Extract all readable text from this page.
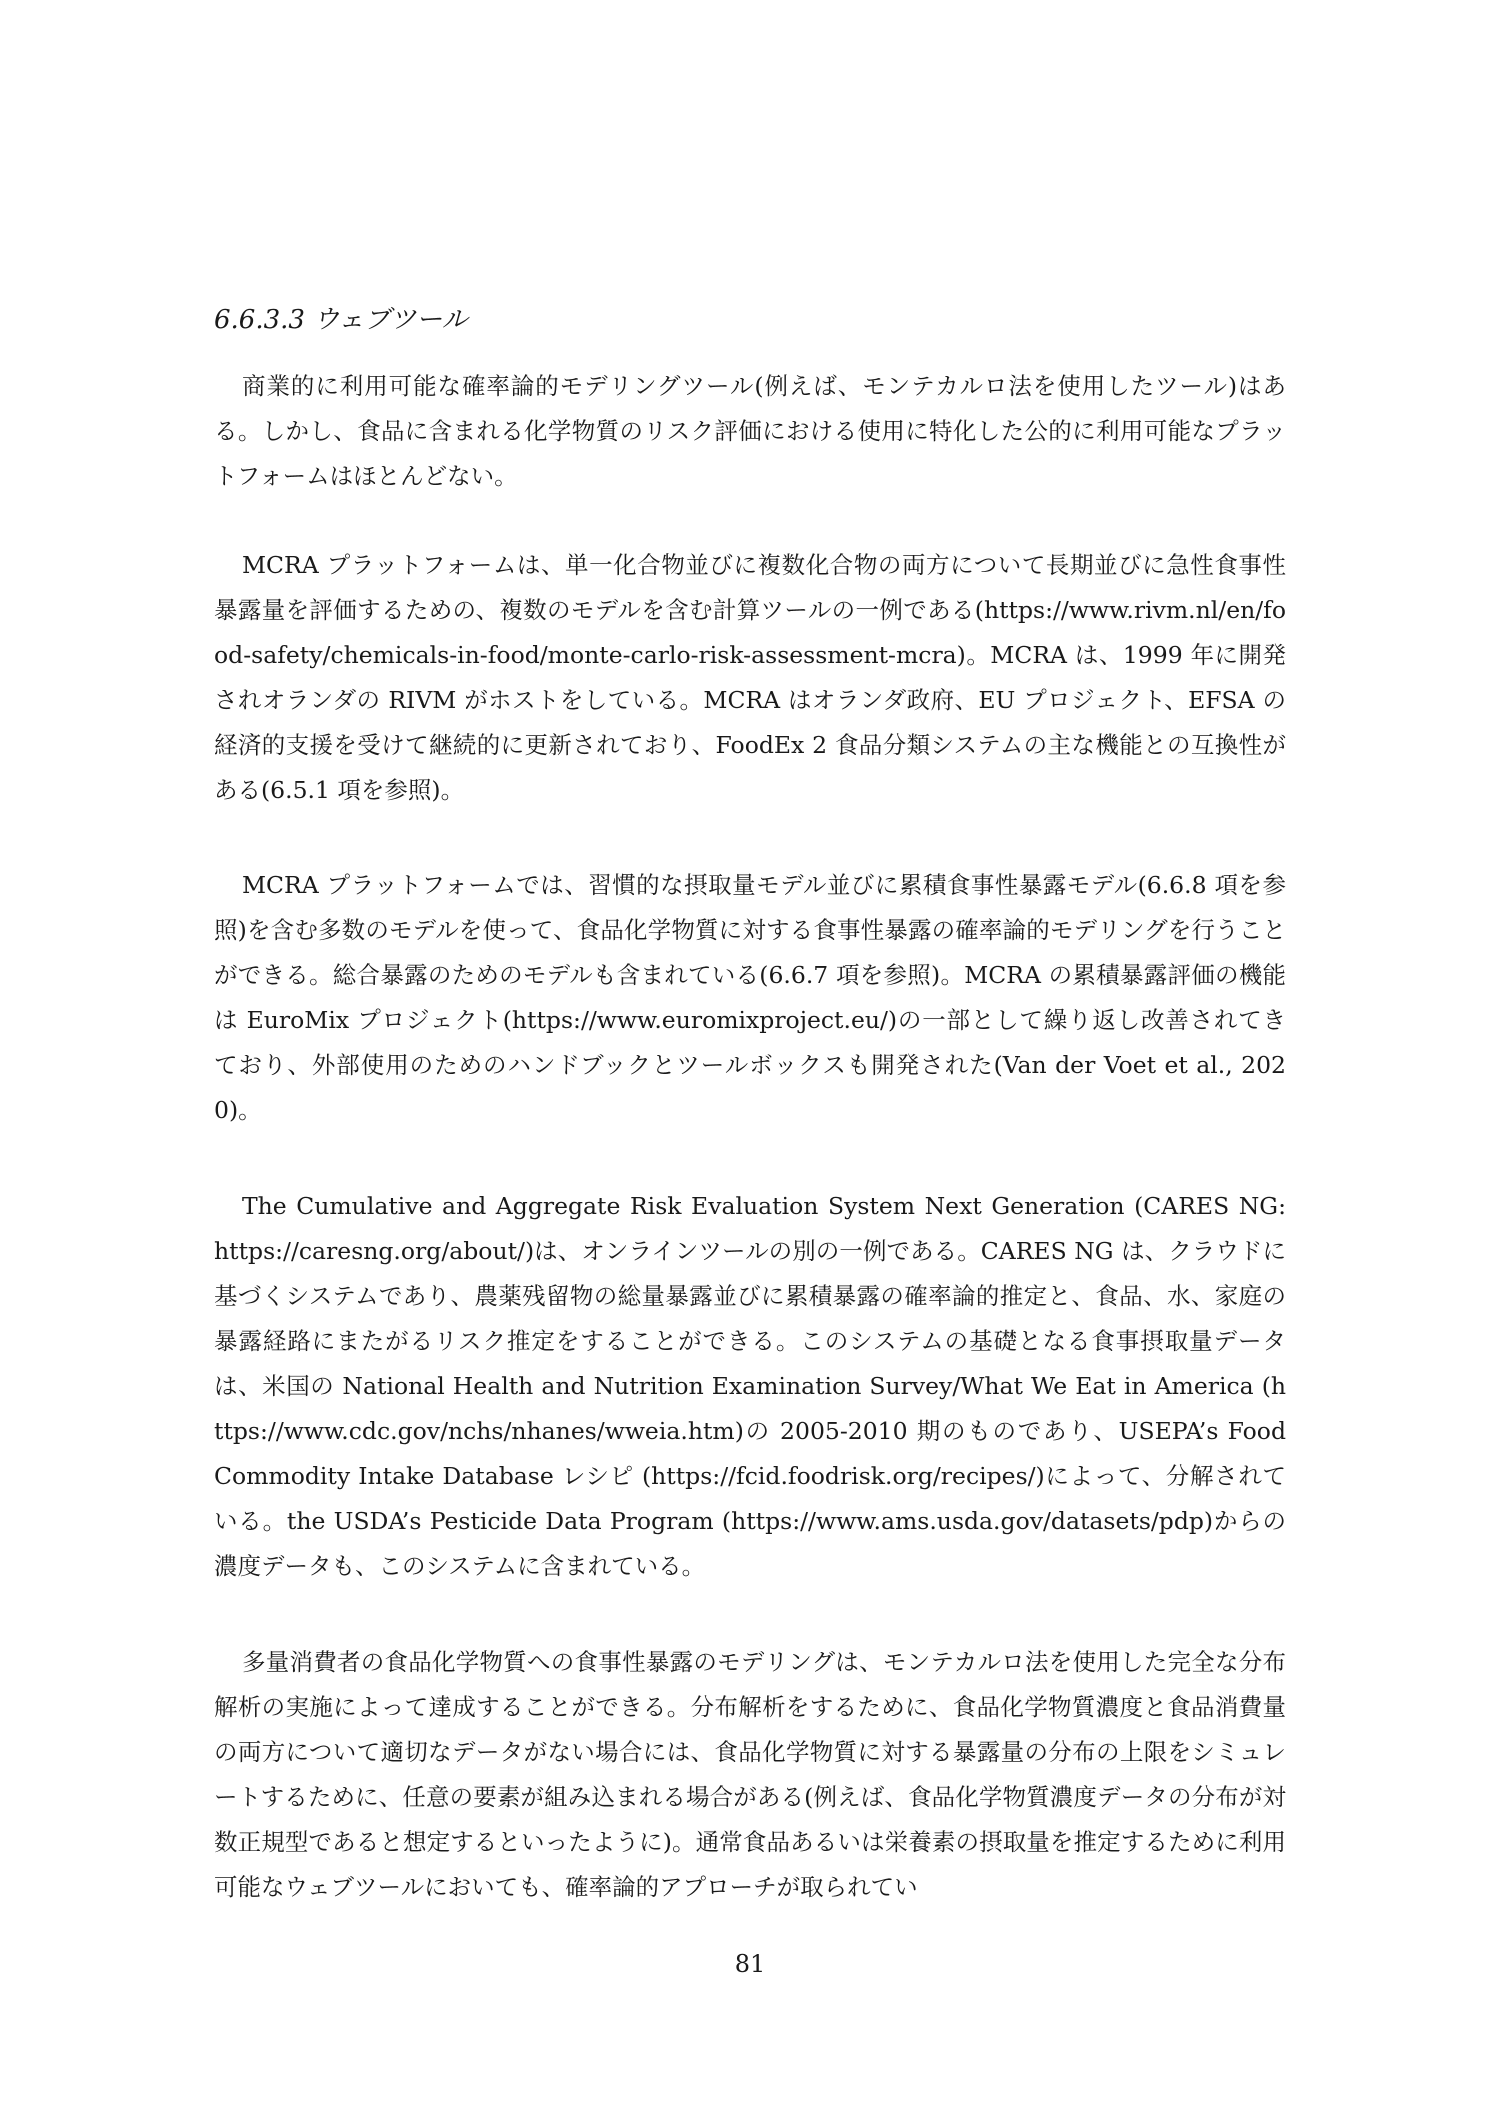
6.6.3.3 ウェブツール

商業的に利用可能な確率論的モデリングツール(例えば、モンテカルロ法を使用したツール)はある。しかし、食品に含まれる化学物質のリスク評価における使用に特化した公的に利用可能なプラットフォームはほとんどない。

MCRA プラットフォームは、単一化合物並びに複数化合物の両方について長期並びに急性食事性暴露量を評価するための、複数のモデルを含む計算ツールの一例である(https://www.rivm.nl/en/food-safety/chemicals-in-food/monte-carlo-risk-assessment-mcra)。MCRA は、1999 年に開発されオランダの RIVM がホストをしている。MCRA はオランダ政府、EU プロジェクト、EFSA の経済的支援を受けて継続的に更新されており、FoodEx 2 食品分類システムの主な機能との互換性がある(6.5.1 項を参照)。

MCRA プラットフォームでは、習慣的な摂取量モデル並びに累積食事性暴露モデル(6.6.8 項を参照)を含む多数のモデルを使って、食品化学物質に対する食事性暴露の確率論的モデリングを行うことができる。総合暴露のためのモデルも含まれている(6.6.7 項を参照)。MCRA の累積暴露評価の機能は EuroMix プロジェクト(https://www.euromixproject.eu/)の一部として繰り返し改善されてきており、外部使用のためのハンドブックとツールボックスも開発された(Van der Voet et al., 2020)。

The Cumulative and Aggregate Risk Evaluation System Next Generation (CARES NG: https://caresng.org/about/)は、オンラインツールの別の一例である。CARES NG は、クラウドに基づくシステムであり、農薬残留物の総量暴露並びに累積暴露の確率論的推定と、食品、水、家庭の暴露経路にまたがるリスク推定をすることができる。このシステムの基礎となる食事摂取量データは、米国の National Health and Nutrition Examination Survey/What We Eat in America (https://www.cdc.gov/nchs/nhanes/wweia.htm)の 2005-2010 期のものであり、USEPA’s Food Commodity Intake Database レシピ (https://fcid.foodrisk.org/recipes/)によって、分解されている。the USDA’s Pesticide Data Program (https://www.ams.usda.gov/datasets/pdp)からの濃度データも、このシステムに含まれている。

多量消費者の食品化学物質への食事性暴露のモデリングは、モンテカルロ法を使用した完全な分布解析の実施によって達成することができる。分布解析をするために、食品化学物質濃度と食品消費量の両方について適切なデータがない場合には、食品化学物質に対する暴露量の分布の上限をシミュレートするために、任意の要素が組み込まれる場合がある(例えば、食品化学物質濃度データの分布が対数正規型であると想定するといったように)。通常食品あるいは栄養素の摂取量を推定するために利用可能なウェブツールにおいても、確率論的アプローチが取られてい

81
